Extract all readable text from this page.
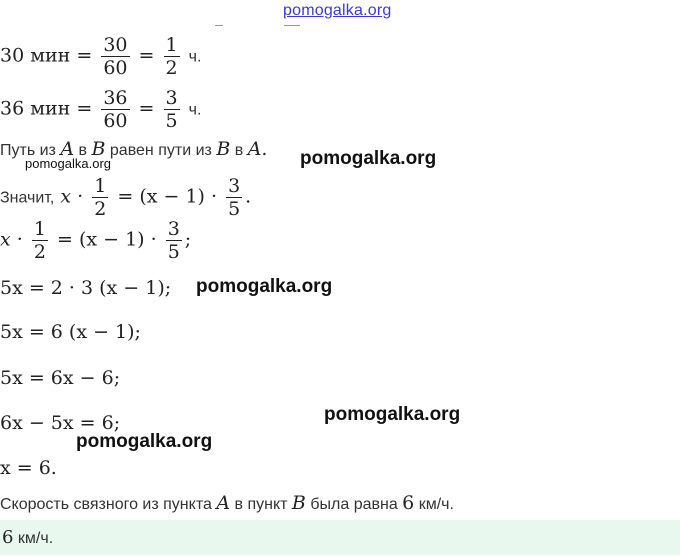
pomogalka.org
‾            ‾‾
30 мин = $\frac{30}{60} = \frac{1}{2} ч$.
36 мин = $\frac{36}{60} = \frac{3}{5} ч$.
Путь из A в B равен пути из B в A.
pomogalka.org	pomogalka.org
Значит, $x \cdot \frac{1}{2} = (x - 1) \cdot \frac{3}{5}$ .
$x \cdot \frac{1}{2} = (x - 1) \cdot \frac{3}{5}$ ;
5x = 2 · 3 (x − 1); pomogalka.org
5x = 6 (x − 1);
5x = 6x − 6;
6x − 5x = 6;	pomogalka.org
pomogalka.org
x = 6.
Скорость связного из пункта A в пункт B была равна 6 км/ч.
6 км/ч.
